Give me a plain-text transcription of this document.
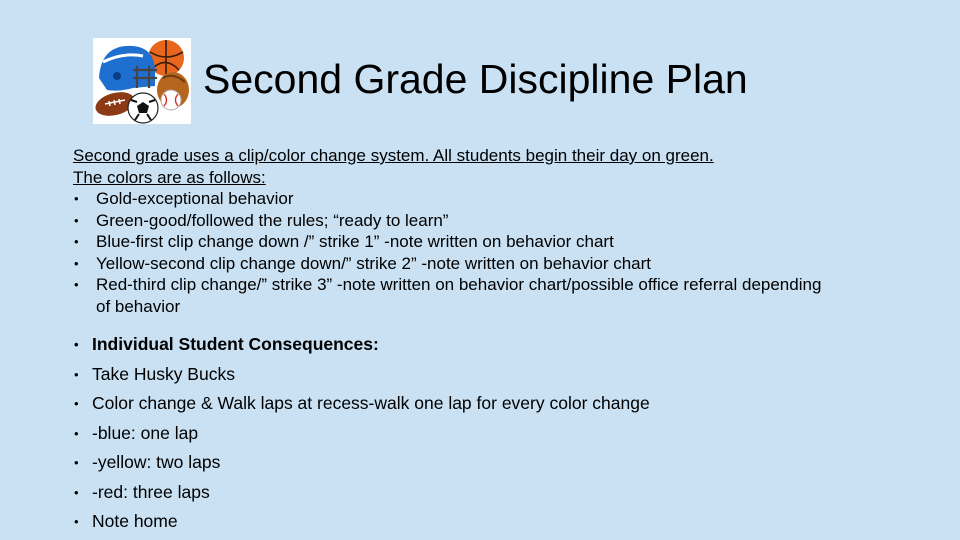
Second Grade Discipline Plan
Second grade uses a clip/color change system. All students begin their day on green.
The colors are as follows:
• Gold-exceptional behavior
• Green-good/followed the rules; “ready to learn”
• Blue-first clip change down /” strike 1” -note written on behavior chart
• Yellow-second clip change down/” strike 2” -note written on behavior chart
• Red-third clip change/” strike 3” -note written on behavior chart/possible office referral depending of behavior
• Individual Student Consequences:
• Take Husky Bucks
• Color change & Walk laps at recess-walk one lap for every color change
• -blue: one lap
• -yellow: two laps
• -red: three laps
• Note home
